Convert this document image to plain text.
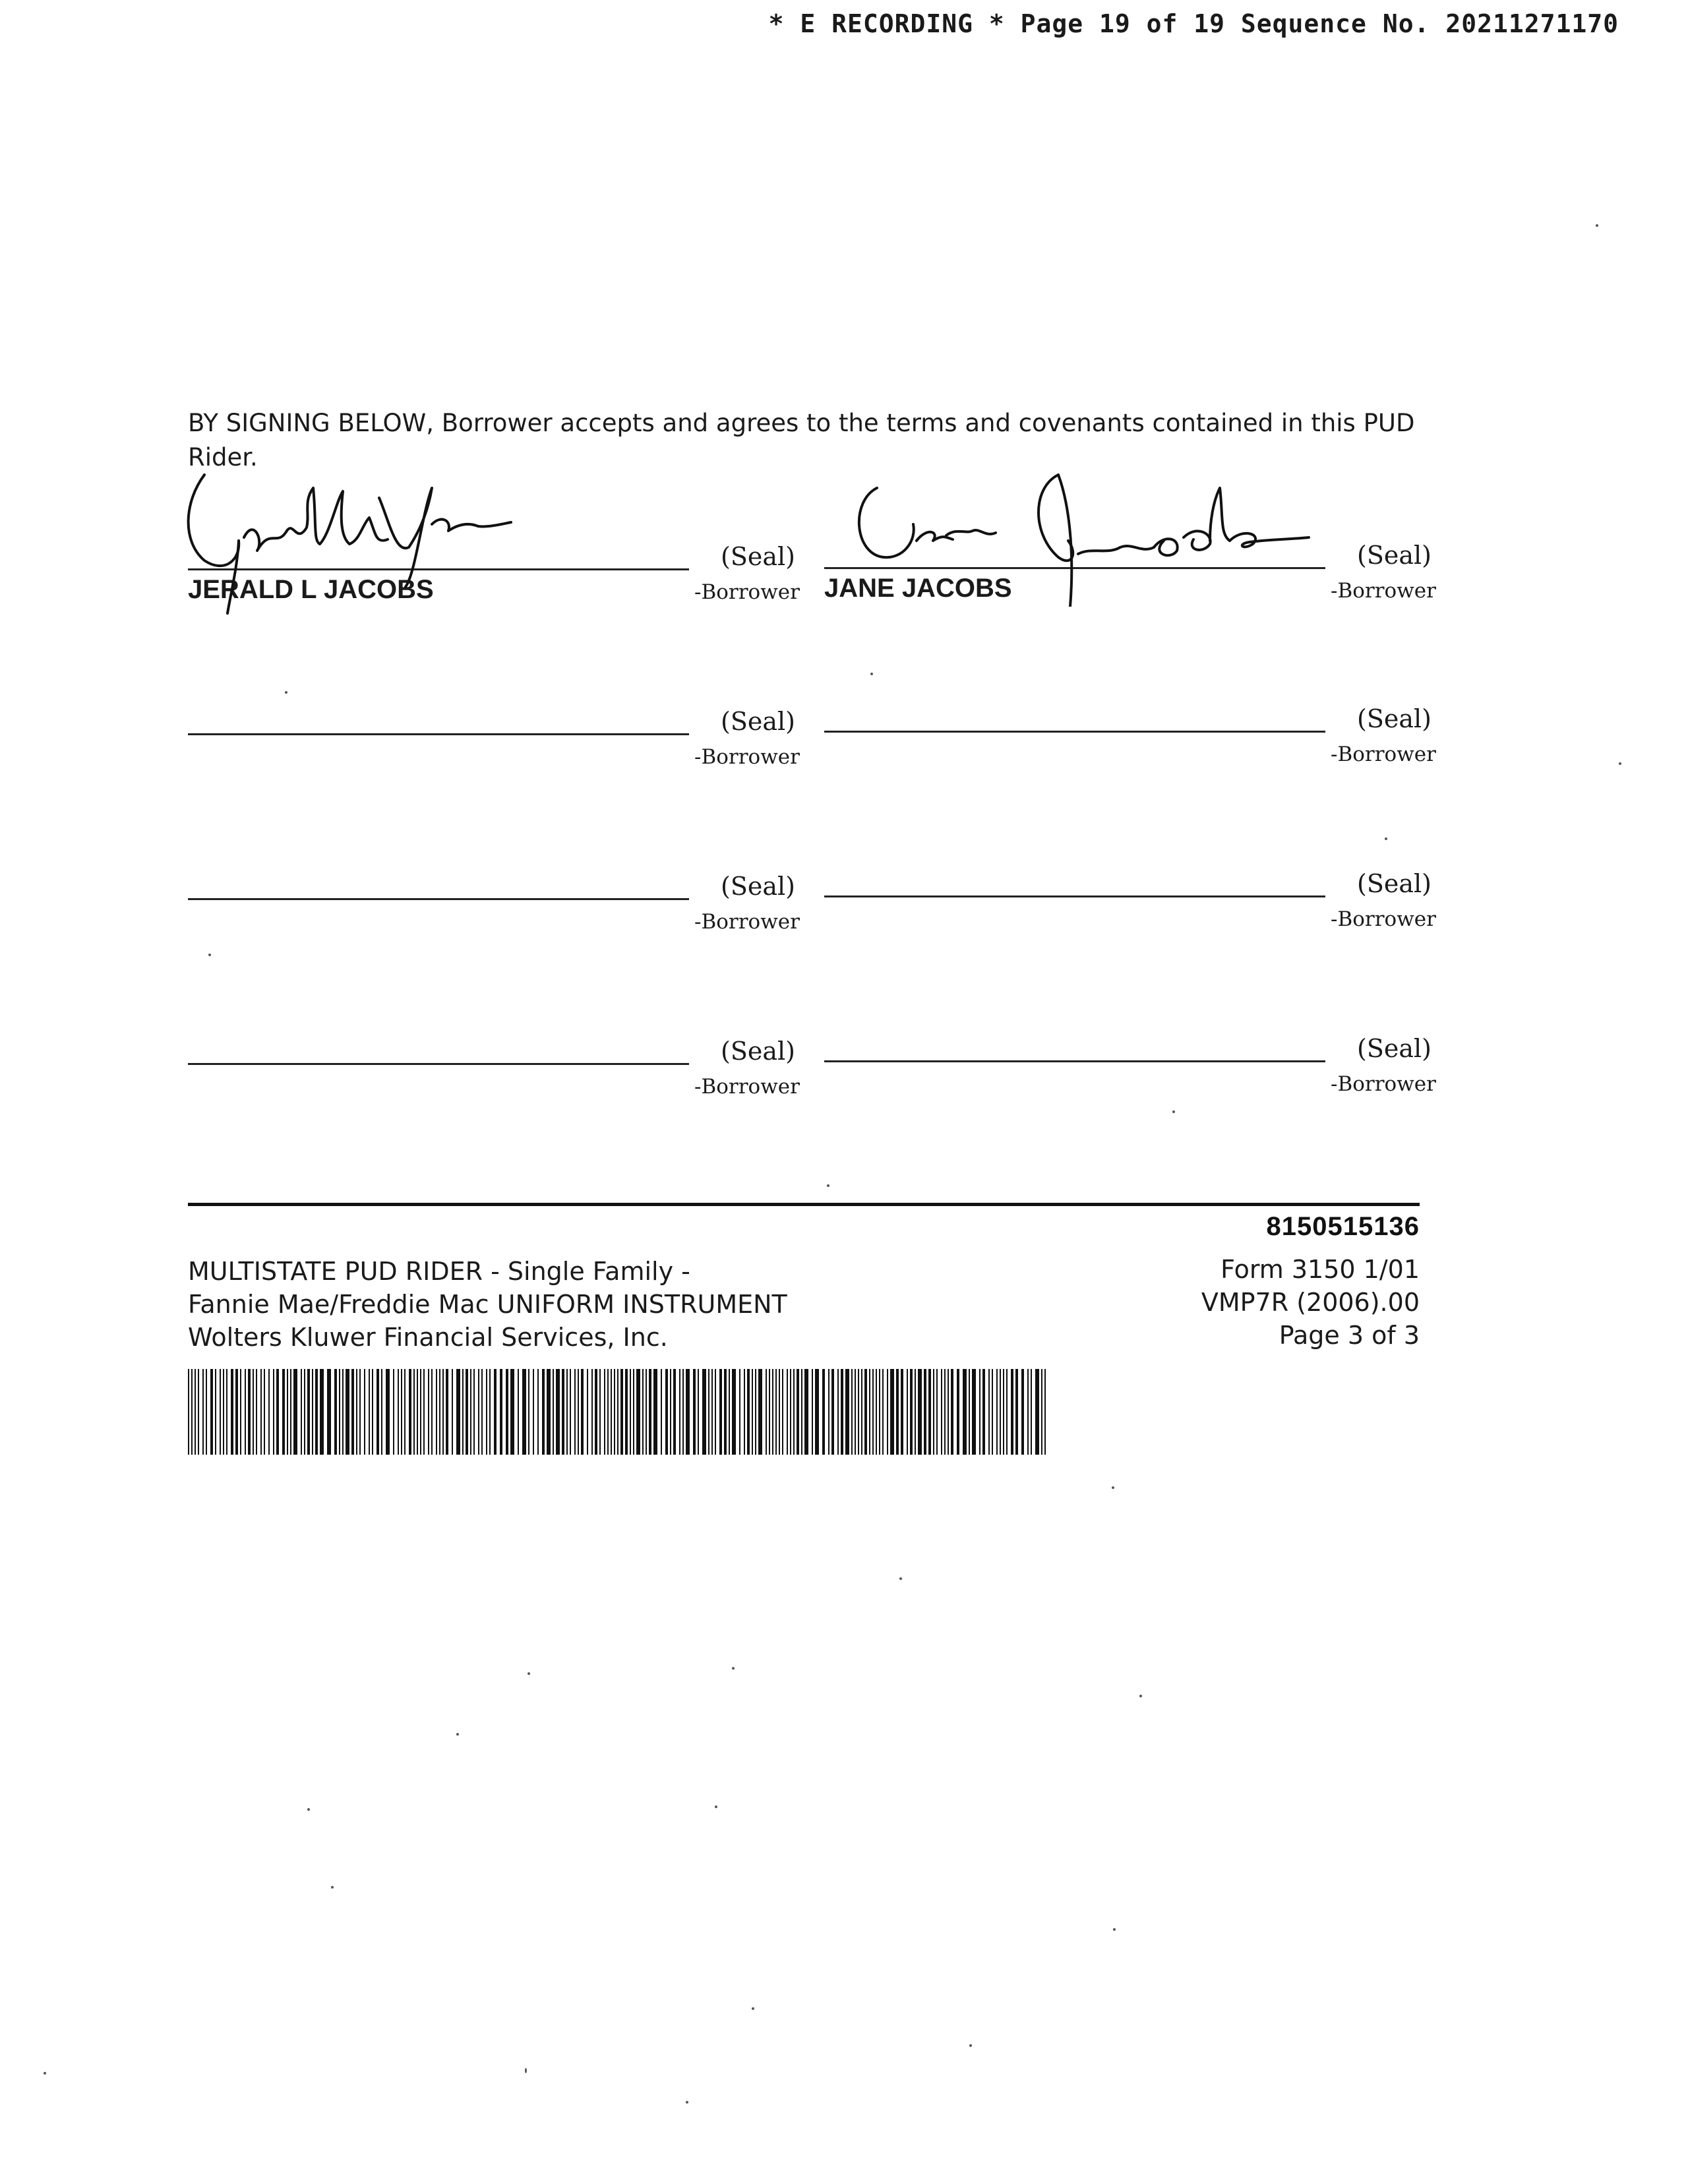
* E RECORDING * Page 19 of 19 Sequence No. 20211271170
BY SIGNING BELOW, Borrower accepts and agrees to the terms and covenants contained in this PUD Rider.
(Seal)
-Borrower
JERALD L JACOBS
(Seal)
-Borrower
JANE JACOBS
(Seal)
-Borrower
(Seal)
-Borrower
(Seal)
-Borrower
(Seal)
-Borrower
(Seal)
-Borrower
(Seal)
-Borrower
8150515136
MULTISTATE PUD RIDER - Single Family -
Fannie Mae/Freddie Mac UNIFORM INSTRUMENT
Wolters Kluwer Financial Services, Inc.
Form 3150 1/01
VMP7R (2006).00
Page 3 of 3
